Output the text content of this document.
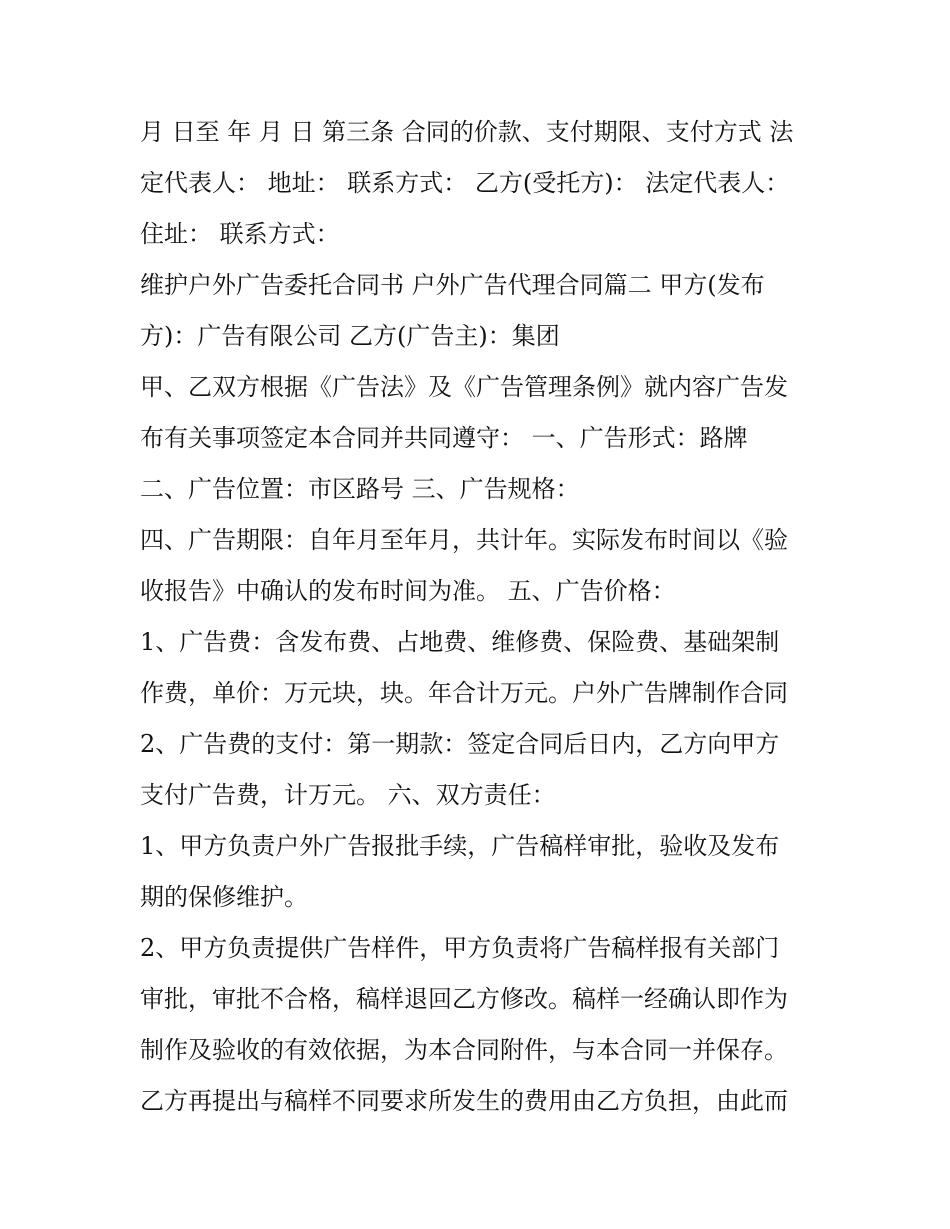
月 日至 年 月 日 第三条 合同的价款、支付期限、支付方式 法

定代表人： 地址： 联系方式： 乙方(受托方)： 法定代表人：

住址： 联系方式：

维护户外广告委托合同书 户外广告代理合同篇二 甲方(发布

方)：广告有限公司 乙方(广告主)：集团

甲、乙双方根据《广告法》及《广告管理条例》就内容广告发

布有关事项签定本合同并共同遵守： 一、广告形式：路牌

二、广告位置：市区路号 三、广告规格：

四、广告期限：自年月至年月，共计年。实际发布时间以《验

收报告》中确认的发布时间为准。 五、广告价格：

1、广告费：含发布费、占地费、维修费、保险费、基础架制

作费，单价：万元块，块。年合计万元。户外广告牌制作合同

2、广告费的支付：第一期款：签定合同后日内，乙方向甲方

支付广告费，计万元。 六、双方责任：

1、甲方负责户外广告报批手续，广告稿样审批，验收及发布

期的保修维护。

2、甲方负责提供广告样件，甲方负责将广告稿样报有关部门

审批，审批不合格，稿样退回乙方修改。稿样一经确认即作为

制作及验收的有效依据，为本合同附件，与本合同一并保存。

乙方再提出与稿样不同要求所发生的费用由乙方负担，由此而
